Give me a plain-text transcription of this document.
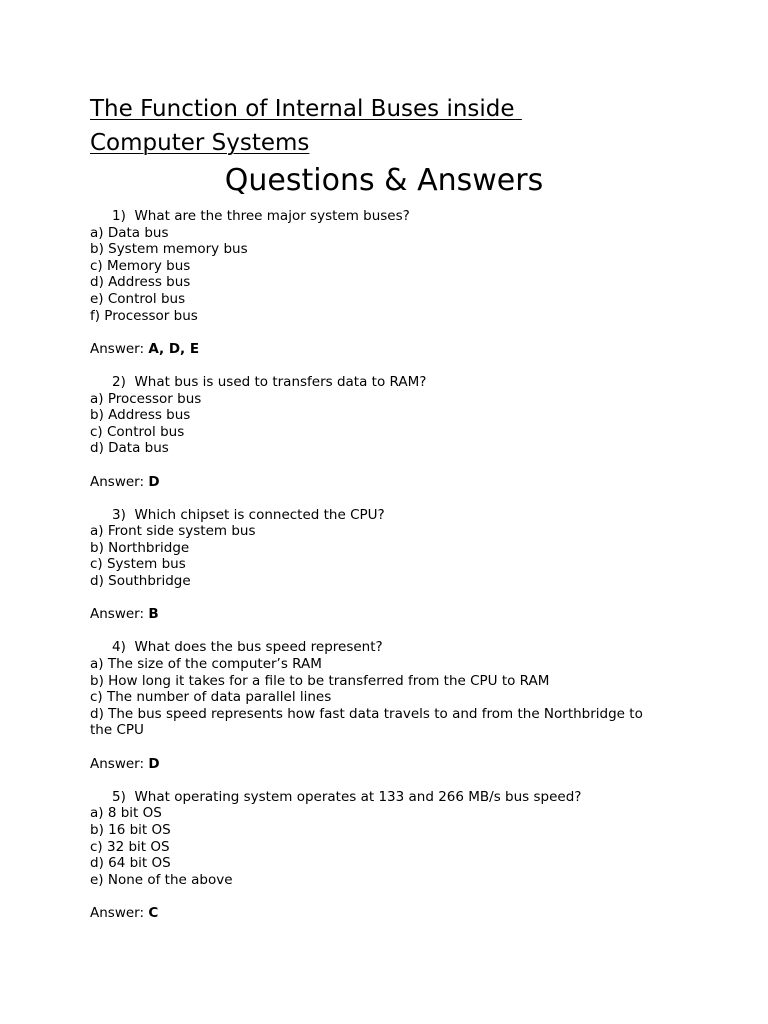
The Function of Internal Buses inside
Computer Systems
Questions & Answers
1)  What are the three major system buses?
a) Data bus
b) System memory bus
c) Memory bus
d) Address bus
e) Control bus
f) Processor bus
Answer: A, D, E
2)  What bus is used to transfers data to RAM?
a) Processor bus
b) Address bus
c) Control bus
d) Data bus
Answer: D
3)  Which chipset is connected the CPU?
a) Front side system bus
b) Northbridge
c) System bus
d) Southbridge
Answer: B
4)  What does the bus speed represent?
a) The size of the computer’s RAM
b) How long it takes for a file to be transferred from the CPU to RAM
c) The number of data parallel lines
d) The bus speed represents how fast data travels to and from the Northbridge to
the CPU
Answer: D
5)  What operating system operates at 133 and 266 MB/s bus speed?
a) 8 bit OS
b) 16 bit OS
c) 32 bit OS
d) 64 bit OS
e) None of the above
Answer: C
